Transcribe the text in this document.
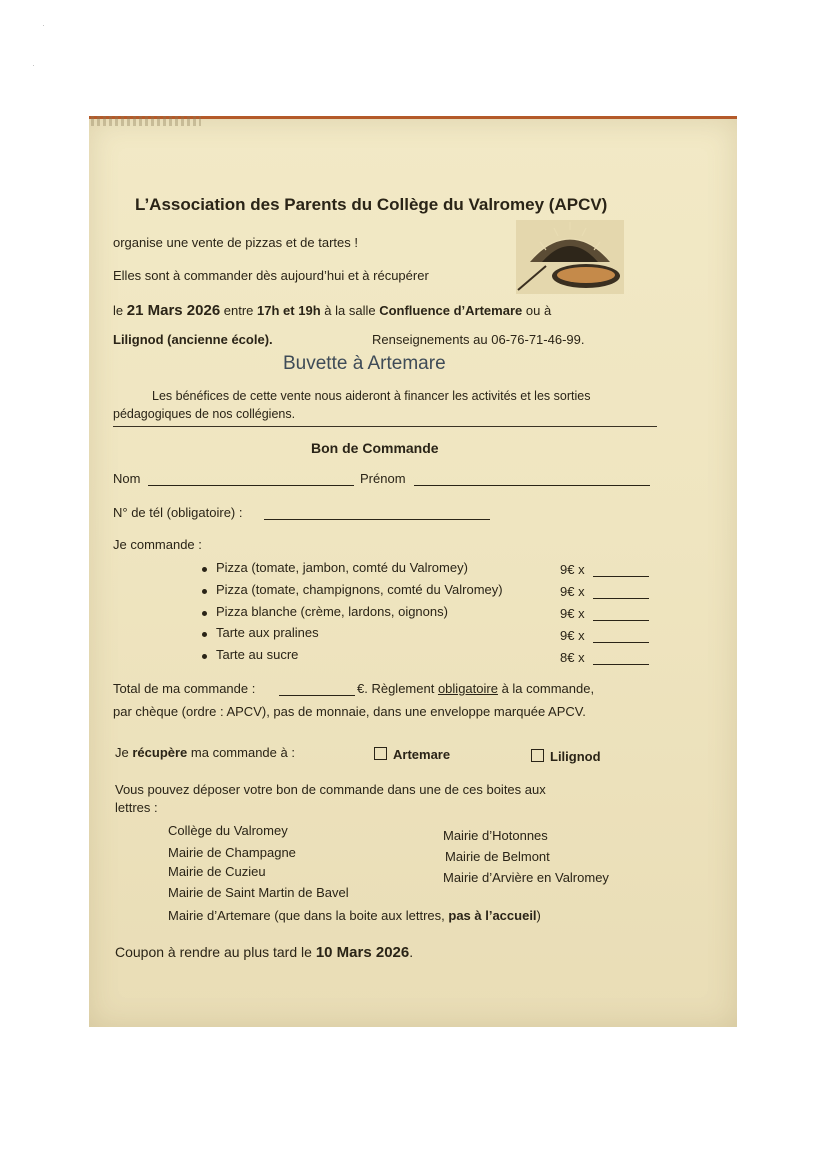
·
·
L’Association des Parents du Collège du Valromey (APCV)
organise une vente de pizzas et de tartes !
Elles sont à commander dès aujourd’hui et à récupérer
le 21 Mars 2026 entre 17h et 19h à la salle Confluence d’Artemare ou à
Lilignod (ancienne école).	Renseignements au 06-76-71-46-99.
Buvette à Artemare
Les bénéfices de cette vente nous aideront à financer les activités et les sorties
pédagogiques de nos collégiens.
Bon de Commande
Nom	Prénom
N° de tél (obligatoire) :
Je commande :
Pizza (tomate, jambon, comté du Valromey)	9€ x
Pizza (tomate, champignons, comté du Valromey)	9€ x
Pizza blanche (crème, lardons, oignons)	9€ x
Tarte aux pralines	9€ x
Tarte au sucre	8€ x
Total de ma commande :	€. Règlement obligatoire à la commande,
par chèque (ordre : APCV), pas de monnaie, dans une enveloppe marquée APCV.
Je récupère ma commande à :	Artemare	Lilignod
Vous pouvez déposer votre bon de commande dans une de ces boites aux
lettres :
Collège du Valromey
Mairie de Champagne
Mairie de Cuzieu
Mairie de Saint Martin de Bavel
Mairie d’Hotonnes
Mairie de Belmont
Mairie d’Arvière en Valromey
Mairie d’Artemare (que dans la boite aux lettres, pas à l’accueil)
Coupon à rendre au plus tard le 10 Mars 2026.
